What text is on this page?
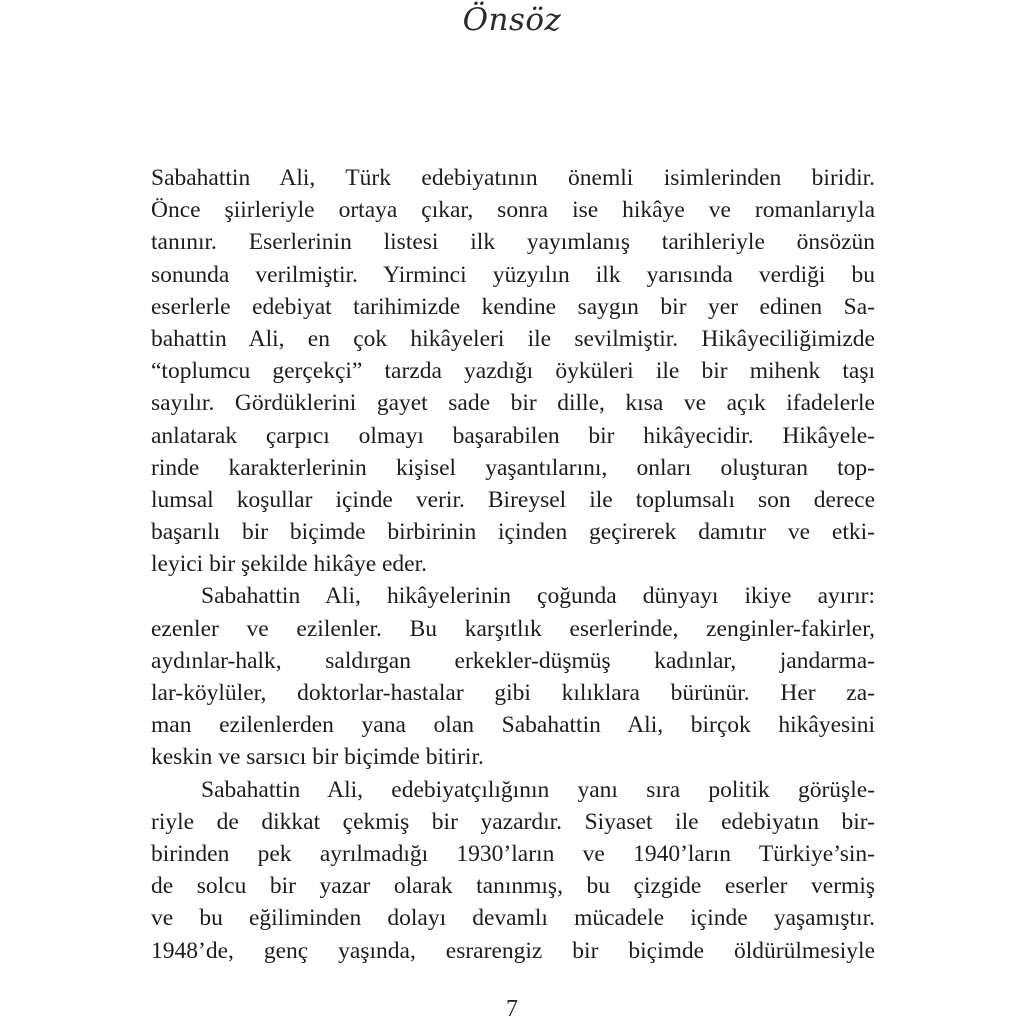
Önsöz
Sabahattin Ali, Türk edebiyatının önemli isimlerinden biridir.
Önce şiirleriyle ortaya çıkar, sonra ise hikâye ve romanlarıyla
tanınır. Eserlerinin listesi ilk yayımlanış tarihleriyle önsözün
sonunda verilmiştir. Yirminci yüzyılın ilk yarısında verdiği bu
eserlerle edebiyat tarihimizde kendine saygın bir yer edinen Sa-
bahattin Ali, en çok hikâyeleri ile sevilmiştir. Hikâyeciliğimizde
“toplumcu gerçekçi” tarzda yazdığı öyküleri ile bir mihenk taşı
sayılır. Gördüklerini gayet sade bir dille, kısa ve açık ifadelerle
anlatarak çarpıcı olmayı başarabilen bir hikâyecidir. Hikâyele-
rinde karakterlerinin kişisel yaşantılarını, onları oluşturan top-
lumsal koşullar içinde verir. Bireysel ile toplumsalı son derece
başarılı bir biçimde birbirinin içinden geçirerek damıtır ve etki-
leyici bir şekilde hikâye eder.
Sabahattin Ali, hikâyelerinin çoğunda dünyayı ikiye ayırır:
ezenler ve ezilenler. Bu karşıtlık eserlerinde, zenginler-fakirler,
aydınlar-halk, saldırgan erkekler-düşmüş kadınlar, jandarma-
lar-köylüler, doktorlar-hastalar gibi kılıklara bürünür. Her za-
man ezilenlerden yana olan Sabahattin Ali, birçok hikâyesini
keskin ve sarsıcı bir biçimde bitirir.
Sabahattin Ali, edebiyatçılığının yanı sıra politik görüşle-
riyle de dikkat çekmiş bir yazardır. Siyaset ile edebiyatın bir-
birinden pek ayrılmadığı 1930’ların ve 1940’ların Türkiye’sin-
de solcu bir yazar olarak tanınmış, bu çizgide eserler vermiş
ve bu eğiliminden dolayı devamlı mücadele içinde yaşamıştır.
1948’de, genç yaşında, esrarengiz bir biçimde öldürülmesiyle
7
